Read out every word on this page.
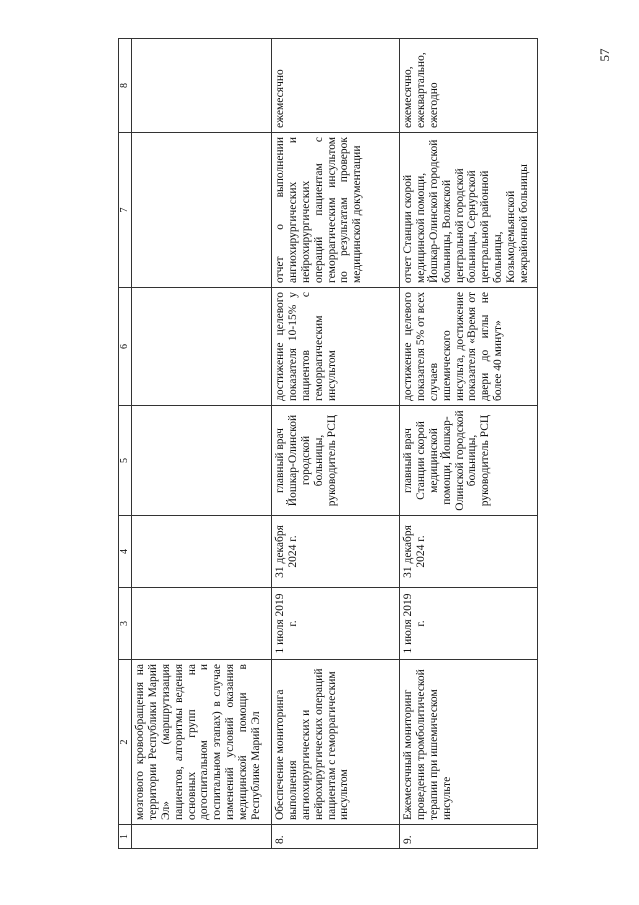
57
1	2	3	4	5	6	7	8
	мозгового кровообращения на территории Республики Марий Эл» (маршрутизация пациентов, алгоритмы ведения основных групп на догоспитальном и госпитальном этапах) в случае изменений условий оказания медицинской помощи в Республике Марий Эл						
8.	Обеспечение мониторинга выполнения ангиохирургических и нейрохирургических операций пациентам с геморрагическим инсультом	1 июля 2019 г.	31 декабря 2024 г.	главный врач Йошкар-Олинской городской больницы, руководитель РСЦ	достижение целевого показателя 10-15% у пациентов с геморрагическим инсультом	отчет о выполнении ангиохирургических и нейрохирургических операций пациентам с геморрагическим инсультом по результатам проверок медицинской документации	ежемесячно
9.	Ежемесячный мониторинг проведения тромболитической терапии при ишемическом инсульте	1 июля 2019 г.	31 декабря 2024 г.	главный врач Станции скорой медицинской помощи, Йошкар-Олинской городской больницы, руководитель РСЦ	достижение целевого показателя 5% от всех случаев ишемического инсульта, достижение показателя «Время от двери до иглы не более 40 минут»	отчет Станции скорой медицинской помощи, Йошкар-Олинской городской больницы, Волжской центральной городской больницы, Сернурской центральной районной больницы, Козьмодемьянской межрайонной больницы	ежемесячно, ежеквартально, ежегодно
